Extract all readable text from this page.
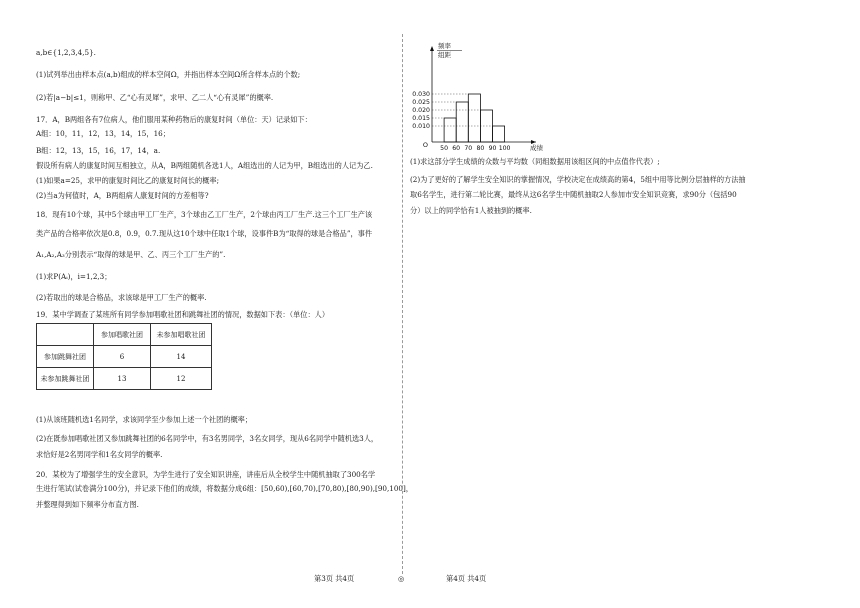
a,b∈{1,2,3,4,5}.

(1)试列举出由样本点(a,b)组成的样本空间Ω，并指出样本空间Ω所含样本点的个数;

(2)若|a−b|≤1，则称甲、乙“心有灵犀”，求甲、乙二人“心有灵犀”的概率.

17．A，B两组各有7位病人，他们服用某种药物后的康复时间（单位：天）记录如下：

A组：10，11，12，13，14，15，16；

B组：12，13，15，16，17，14，a.

假设所有病人的康复时间互相独立，从A，B两组随机各选1人，A组选出的人记为甲，B组选出的人记为乙.

(1)如果a=25，求甲的康复时间比乙的康复时间长的概率;

(2)当a为何值时，A，B两组病人康复时间的方差相等?

18．现有10个球，其中5个球由甲工厂生产，3个球由乙工厂生产，2个球由丙工厂生产.这三个工厂生产该

类产品的合格率依次是0.8，0.9，0.7.现从这10个球中任取1个球，设事件B为“取得的球是合格品”，事件

A₁,A₂,A₃分别表示“取得的球是甲、乙、丙三个工厂生产的”.

(1)求P(Aᵢ)，i=1,2,3；

(2)若取出的球是合格品，求该球是甲工厂生产的概率.

19．某中学调查了某班所有同学参加唱歌社团和跳舞社团的情况，数据如下表：（单位：人）

	参加唱歌社团	未参加唱歌社团
参加跳舞社团	6	14
未参加跳舞社团	13	12

(1)从该班随机选1名同学，求该同学至少参加上述一个社团的概率；

(2)在既参加唱歌社团又参加跳舞社团的6名同学中，有3名男同学，3名女同学，现从6名同学中随机选3人，

求恰好是2名男同学和1名女同学的概率.

20．某校为了增强学生的安全意识，为学生进行了安全知识讲座，讲座后从全校学生中随机抽取了300名学

生进行笔试(试卷满分100分)，并记录下他们的成绩，将数据分成6组：[50,60),[60,70),[70,80),[80,90),[90,100]，

并整理得到如下频率分布直方图.

频率
组距
0.010
0.015
0.020
0.025
0.030
50 60 70 80 90 100
O	成绩

(1)求这部分学生成绩的众数与平均数（同组数据用该组区间的中点值作代表）;

(2)为了更好的了解学生安全知识的掌握情况，学校决定在成绩高的第4，5组中用等比例分层抽样的方法抽

取6名学生，进行第二轮比赛，最终从这6名学生中随机抽取2人参加市安全知识竞赛，求90分（包括90

分）以上的同学恰有1人被抽到的概率.

第3页 共4页	◎	第4页 共4页
